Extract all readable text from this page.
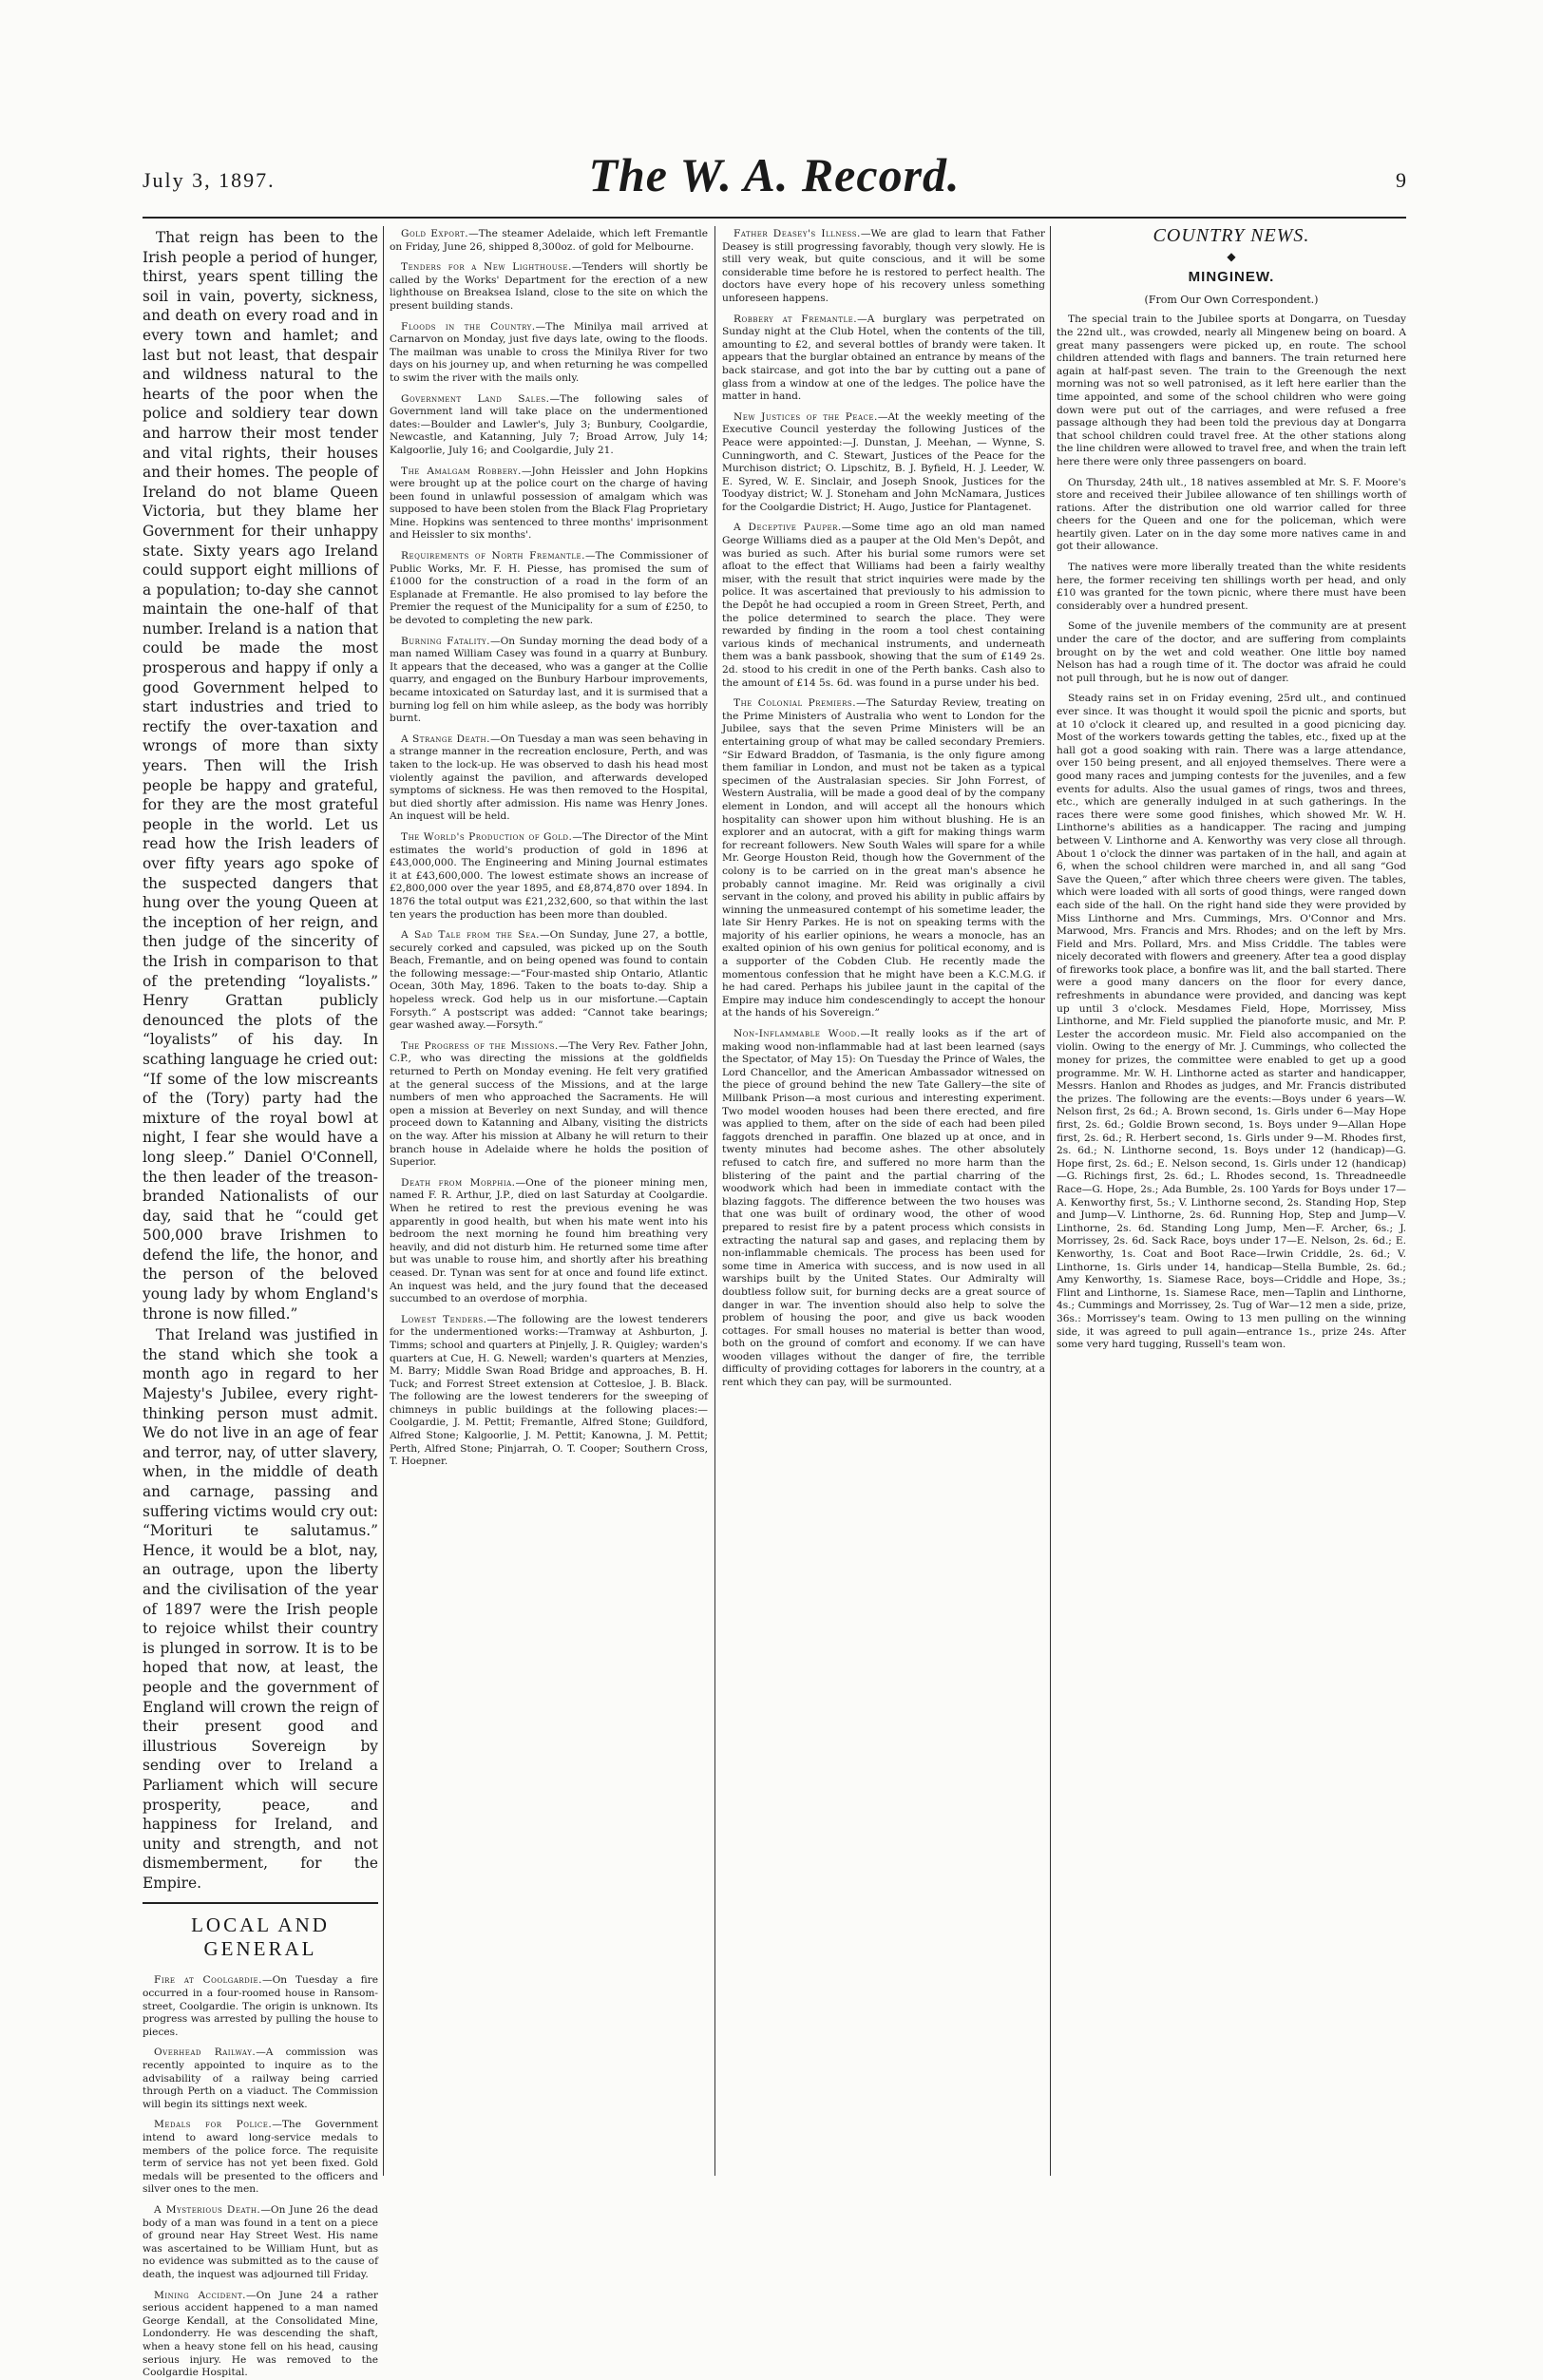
July 3, 1897.	The W. A. Record.	9

That reign has been to the Irish people a period of hunger, thirst, years spent tilling the soil in vain, poverty, sickness, and death on every road and in every town and hamlet; and last but not least, that despair and wildness natural to the hearts of the poor when the police and soldiery tear down and harrow their most tender and vital rights, their houses and their homes. The people of Ireland do not blame Queen Victoria, but they blame her Government for their unhappy state. Sixty years ago Ireland could support eight millions of a population; to-day she cannot maintain the one-half of that number. Ireland is a nation that could be made the most prosperous and happy if only a good Government helped to start industries and tried to rectify the over-taxation and wrongs of more than sixty years. Then will the Irish people be happy and grateful, for they are the most grateful people in the world. Let us read how the Irish leaders of over fifty years ago spoke of the suspected dangers that hung over the young Queen at the inception of her reign, and then judge of the sincerity of the Irish in comparison to that of the pretending “loyalists.” Henry Grattan publicly denounced the plots of the “loyalists” of his day. In scathing language he cried out: “If some of the low miscreants of the (Tory) party had the mixture of the royal bowl at night, I fear she would have a long sleep.” Daniel O'Connell, the then leader of the treason-branded Nationalists of our day, said that he “could get 500,000 brave Irishmen to defend the life, the honor, and the person of the beloved young lady by whom England's throne is now filled.”

That Ireland was justified in the stand which she took a month ago in regard to her Majesty's Jubilee, every right-thinking person must admit. We do not live in an age of fear and terror, nay, of utter slavery, when, in the middle of death and carnage, passing and suffering victims would cry out: “Morituri te salutamus.” Hence, it would be a blot, nay, an outrage, upon the liberty and the civilisation of the year of 1897 were the Irish people to rejoice whilst their country is plunged in sorrow. It is to be hoped that now, at least, the people and the government of England will crown the reign of their present good and illustrious Sovereign by sending over to Ireland a Parliament which will secure prosperity, peace, and happiness for Ireland, and unity and strength, and not dismemberment, for the Empire.

LOCAL AND GENERAL

Fire at Coolgardie.—On Tuesday a fire occurred in a four-roomed house in Ransom-street, Coolgardie. The origin is unknown. Its progress was arrested by pulling the house to pieces.

Overhead Railway.—A commission was recently appointed to inquire as to the advisability of a railway being carried through Perth on a viaduct. The Commission will begin its sittings next week.

Medals for Police.—The Government intend to award long-service medals to members of the police force. The requisite term of service has not yet been fixed. Gold medals will be presented to the officers and silver ones to the men.

A Mysterious Death.—On June 26 the dead body of a man was found in a tent on a piece of ground near Hay Street West. His name was ascertained to be William Hunt, but as no evidence was submitted as to the cause of death, the inquest was adjourned till Friday.

Mining Accident.—On June 24 a rather serious accident happened to a man named George Kendall, at the Consolidated Mine, Londonderry. He was descending the shaft, when a heavy stone fell on his head, causing serious injury. He was removed to the Coolgardie Hospital.

Gold Export.—The steamer Adelaide, which left Fremantle on Friday, June 26, shipped 8,300oz. of gold for Melbourne.

Tenders for a New Lighthouse.—Tenders will shortly be called by the Works' Department for the erection of a new lighthouse on Breaksea Island, close to the site on which the present building stands.

Floods in the Country.—The Minilya mail arrived at Carnarvon on Monday, just five days late, owing to the floods. The mailman was unable to cross the Minilya River for two days on his journey up, and when returning he was compelled to swim the river with the mails only.

Government Land Sales.—The following sales of Government land will take place on the undermentioned dates:—Boulder and Lawler's, July 3; Bunbury, Coolgardie, Newcastle, and Katanning, July 7; Broad Arrow, July 14; Kalgoorlie, July 16; and Coolgardie, July 21.

The Amalgam Robbery.—John Heissler and John Hopkins were brought up at the police court on the charge of having been found in unlawful possession of amalgam which was supposed to have been stolen from the Black Flag Proprietary Mine. Hopkins was sentenced to three months' imprisonment and Heissler to six months'.

Requirements of North Fremantle.—The Commissioner of Public Works, Mr. F. H. Piesse, has promised the sum of £1000 for the construction of a road in the form of an Esplanade at Fremantle. He also promised to lay before the Premier the request of the Municipality for a sum of £250, to be devoted to completing the new park.

Burning Fatality.—On Sunday morning the dead body of a man named William Casey was found in a quarry at Bunbury. It appears that the deceased, who was a ganger at the Collie quarry, and engaged on the Bunbury Harbour improvements, became intoxicated on Saturday last, and it is surmised that a burning log fell on him while asleep, as the body was horribly burnt.

A Strange Death.—On Tuesday a man was seen behaving in a strange manner in the recreation enclosure, Perth, and was taken to the lock-up. He was observed to dash his head most violently against the pavilion, and afterwards developed symptoms of sickness. He was then removed to the Hospital, but died shortly after admission. His name was Henry Jones. An inquest will be held.

The World's Production of Gold.—The Director of the Mint estimates the world's production of gold in 1896 at £43,000,000. The Engineering and Mining Journal estimates it at £43,600,000. The lowest estimate shows an increase of £2,800,000 over the year 1895, and £8,874,870 over 1894. In 1876 the total output was £21,232,600, so that within the last ten years the production has been more than doubled.

A Sad Tale from the Sea.—On Sunday, June 27, a bottle, securely corked and capsuled, was picked up on the South Beach, Fremantle, and on being opened was found to contain the following message:—“Four-masted ship Ontario, Atlantic Ocean, 30th May, 1896. Taken to the boats to-day. Ship a hopeless wreck. God help us in our misfortune.—Captain Forsyth.” A postscript was added: “Cannot take bearings; gear washed away.—Forsyth.”

The Progress of the Missions.—The Very Rev. Father John, C.P., who was directing the missions at the goldfields returned to Perth on Monday evening. He felt very gratified at the general success of the Missions, and at the large numbers of men who approached the Sacraments. He will open a mission at Beverley on next Sunday, and will thence proceed down to Katanning and Albany, visiting the districts on the way. After his mission at Albany he will return to their branch house in Adelaide where he holds the position of Superior.

Death from Morphia.—One of the pioneer mining men, named F. R. Arthur, J.P., died on last Saturday at Coolgardie. When he retired to rest the previous evening he was apparently in good health, but when his mate went into his bedroom the next morning he found him breathing very heavily, and did not disturb him. He returned some time after but was unable to rouse him, and shortly after his breathing ceased. Dr. Tynan was sent for at once and found life extinct. An inquest was held, and the jury found that the deceased succumbed to an overdose of morphia.

Lowest Tenders.—The following are the lowest tenderers for the undermentioned works:—Tramway at Ashburton, J. Timms; school and quarters at Pinjelly, J. R. Quigley; warden's quarters at Cue, H. G. Newell; warden's quarters at Menzies, M. Barry; Middle Swan Road Bridge and approaches, B. H. Tuck; and Forrest Street extension at Cottesloe, J. B. Black. The following are the lowest tenderers for the sweeping of chimneys in public buildings at the following places:—Coolgardie, J. M. Pettit; Fremantle, Alfred Stone; Guildford, Alfred Stone; Kalgoorlie, J. M. Pettit; Kanowna, J. M. Pettit; Perth, Alfred Stone; Pinjarrah, O. T. Cooper; Southern Cross, T. Hoepner.

Father Deasey's Illness.—We are glad to learn that Father Deasey is still progressing favorably, though very slowly. He is still very weak, but quite conscious, and it will be some considerable time before he is restored to perfect health. The doctors have every hope of his recovery unless something unforeseen happens.

Robbery at Fremantle.—A burglary was perpetrated on Sunday night at the Club Hotel, when the contents of the till, amounting to £2, and several bottles of brandy were taken. It appears that the burglar obtained an entrance by means of the back staircase, and got into the bar by cutting out a pane of glass from a window at one of the ledges. The police have the matter in hand.

New Justices of the Peace.—At the weekly meeting of the Executive Council yesterday the following Justices of the Peace were appointed:—J. Dunstan, J. Meehan, — Wynne, S. Cunningworth, and C. Stewart, Justices of the Peace for the Murchison district; O. Lipschitz, B. J. Byfield, H. J. Leeder, W. E. Syred, W. E. Sinclair, and Joseph Snook, Justices for the Toodyay district; W. J. Stoneham and John McNamara, Justices for the Coolgardie District; H. Augo, Justice for Plantagenet.

A Deceptive Pauper.—Some time ago an old man named George Williams died as a pauper at the Old Men's Depôt, and was buried as such. After his burial some rumors were set afloat to the effect that Williams had been a fairly wealthy miser, with the result that strict inquiries were made by the police. It was ascertained that previously to his admission to the Depôt he had occupied a room in Green Street, Perth, and the police determined to search the place. They were rewarded by finding in the room a tool chest containing various kinds of mechanical instruments, and underneath them was a bank passbook, showing that the sum of £149 2s. 2d. stood to his credit in one of the Perth banks. Cash also to the amount of £14 5s. 6d. was found in a purse under his bed.

The Colonial Premiers.—The Saturday Review, treating on the Prime Ministers of Australia who went to London for the Jubilee, says that the seven Prime Ministers will be an entertaining group of what may be called secondary Premiers. “Sir Edward Braddon, of Tasmania, is the only figure among them familiar in London, and must not be taken as a typical specimen of the Australasian species. Sir John Forrest, of Western Australia, will be made a good deal of by the company element in London, and will accept all the honours which hospitality can shower upon him without blushing. He is an explorer and an autocrat, with a gift for making things warm for recreant followers. New South Wales will spare for a while Mr. George Houston Reid, though how the Government of the colony is to be carried on in the great man's absence he probably cannot imagine. Mr. Reid was originally a civil servant in the colony, and proved his ability in public affairs by winning the unmeasured contempt of his sometime leader, the late Sir Henry Parkes. He is not on speaking terms with the majority of his earlier opinions, he wears a monocle, has an exalted opinion of his own genius for political economy, and is a supporter of the Cobden Club. He recently made the momentous confession that he might have been a K.C.M.G. if he had cared. Perhaps his jubilee jaunt in the capital of the Empire may induce him condescendingly to accept the honour at the hands of his Sovereign.”

Non-Inflammable Wood.—It really looks as if the art of making wood non-inflammable had at last been learned (says the Spectator, of May 15): On Tuesday the Prince of Wales, the Lord Chancellor, and the American Ambassador witnessed on the piece of ground behind the new Tate Gallery—the site of Millbank Prison—a most curious and interesting experiment. Two model wooden houses had been there erected, and fire was applied to them, after on the side of each had been piled faggots drenched in paraffin. One blazed up at once, and in twenty minutes had become ashes. The other absolutely refused to catch fire, and suffered no more harm than the blistering of the paint and the partial charring of the woodwork which had been in immediate contact with the blazing faggots. The difference between the two houses was that one was built of ordinary wood, the other of wood prepared to resist fire by a patent process which consists in extracting the natural sap and gases, and replacing them by non-inflammable chemicals. The process has been used for some time in America with success, and is now used in all warships built by the United States. Our Admiralty will doubtless follow suit, for burning decks are a great source of danger in war. The invention should also help to solve the problem of housing the poor, and give us back wooden cottages. For small houses no material is better than wood, both on the ground of comfort and economy. If we can have wooden villages without the danger of fire, the terrible difficulty of providing cottages for laborers in the country, at a rent which they can pay, will be surmounted.

COUNTRY NEWS.
◆
MINGINEW.
(From Our Own Correspondent.)

The special train to the Jubilee sports at Dongarra, on Tuesday the 22nd ult., was crowded, nearly all Mingenew being on board. A great many passengers were picked up, en route. The school children attended with flags and banners. The train returned here again at half-past seven. The train to the Greenough the next morning was not so well patronised, as it left here earlier than the time appointed, and some of the school children who were going down were put out of the carriages, and were refused a free passage although they had been told the previous day at Dongarra that school children could travel free. At the other stations along the line children were allowed to travel free, and when the train left here there were only three passengers on board.

On Thursday, 24th ult., 18 natives assembled at Mr. S. F. Moore's store and received their Jubilee allowance of ten shillings worth of rations. After the distribution one old warrior called for three cheers for the Queen and one for the policeman, which were heartily given. Later on in the day some more natives came in and got their allowance.

The natives were more liberally treated than the white residents here, the former receiving ten shillings worth per head, and only £10 was granted for the town picnic, where there must have been considerably over a hundred present.

Some of the juvenile members of the community are at present under the care of the doctor, and are suffering from complaints brought on by the wet and cold weather. One little boy named Nelson has had a rough time of it. The doctor was afraid he could not pull through, but he is now out of danger.

Steady rains set in on Friday evening, 25rd ult., and continued ever since. It was thought it would spoil the picnic and sports, but at 10 o'clock it cleared up, and resulted in a good picnicing day. Most of the workers towards getting the tables, etc., fixed up at the hall got a good soaking with rain. There was a large attendance, over 150 being present, and all enjoyed themselves. There were a good many races and jumping contests for the juveniles, and a few events for adults. Also the usual games of rings, twos and threes, etc., which are generally indulged in at such gatherings. In the races there were some good finishes, which showed Mr. W. H. Linthorne's abilities as a handicapper. The racing and jumping between V. Linthorne and A. Kenworthy was very close all through. About 1 o'clock the dinner was partaken of in the hall, and again at 6, when the school children were marched in, and all sang “God Save the Queen,” after which three cheers were given. The tables, which were loaded with all sorts of good things, were ranged down each side of the hall. On the right hand side they were provided by Miss Linthorne and Mrs. Cummings, Mrs. O'Connor and Mrs. Marwood, Mrs. Francis and Mrs. Rhodes; and on the left by Mrs. Field and Mrs. Pollard, Mrs. and Miss Criddle. The tables were nicely decorated with flowers and greenery. After tea a good display of fireworks took place, a bonfire was lit, and the ball started. There were a good many dancers on the floor for every dance, refreshments in abundance were provided, and dancing was kept up until 3 o'clock. Mesdames Field, Hope, Morrissey, Miss Linthorne, and Mr. Field supplied the pianoforte music, and Mr. P. Lester the accordeon music. Mr. Field also accompanied on the violin. Owing to the energy of Mr. J. Cummings, who collected the money for prizes, the committee were enabled to get up a good programme. Mr. W. H. Linthorne acted as starter and handicapper, Messrs. Hanlon and Rhodes as judges, and Mr. Francis distributed the prizes. The following are the events:—Boys under 6 years—W. Nelson first, 2s 6d.; A. Brown second, 1s. Girls under 6—May Hope first, 2s. 6d.; Goldie Brown second, 1s. Boys under 9—Allan Hope first, 2s. 6d.; R. Herbert second, 1s. Girls under 9—M. Rhodes first, 2s. 6d.; N. Linthorne second, 1s. Boys under 12 (handicap)—G. Hope first, 2s. 6d.; E. Nelson second, 1s. Girls under 12 (handicap)—G. Richings first, 2s. 6d.; L. Rhodes second, 1s. Threadneedle Race—G. Hope, 2s.; Ada Bumble, 2s. 100 Yards for Boys under 17—A. Kenworthy first, 5s.; V. Linthorne second, 2s. Standing Hop, Step and Jump—V. Linthorne, 2s. 6d. Running Hop, Step and Jump—V. Linthorne, 2s. 6d. Standing Long Jump, Men—F. Archer, 6s.; J. Morrissey, 2s. 6d. Sack Race, boys under 17—E. Nelson, 2s. 6d.; E. Kenworthy, 1s. Coat and Boot Race—Irwin Criddle, 2s. 6d.; V. Linthorne, 1s. Girls under 14, handicap—Stella Bumble, 2s. 6d.; Amy Kenworthy, 1s. Siamese Race, boys—Criddle and Hope, 3s.; Flint and Linthorne, 1s. Siamese Race, men—Taplin and Linthorne, 4s.; Cummings and Morrissey, 2s. Tug of War—12 men a side, prize, 36s.: Morrissey's team. Owing to 13 men pulling on the winning side, it was agreed to pull again—entrance 1s., prize 24s. After some very hard tugging, Russell's team won.
